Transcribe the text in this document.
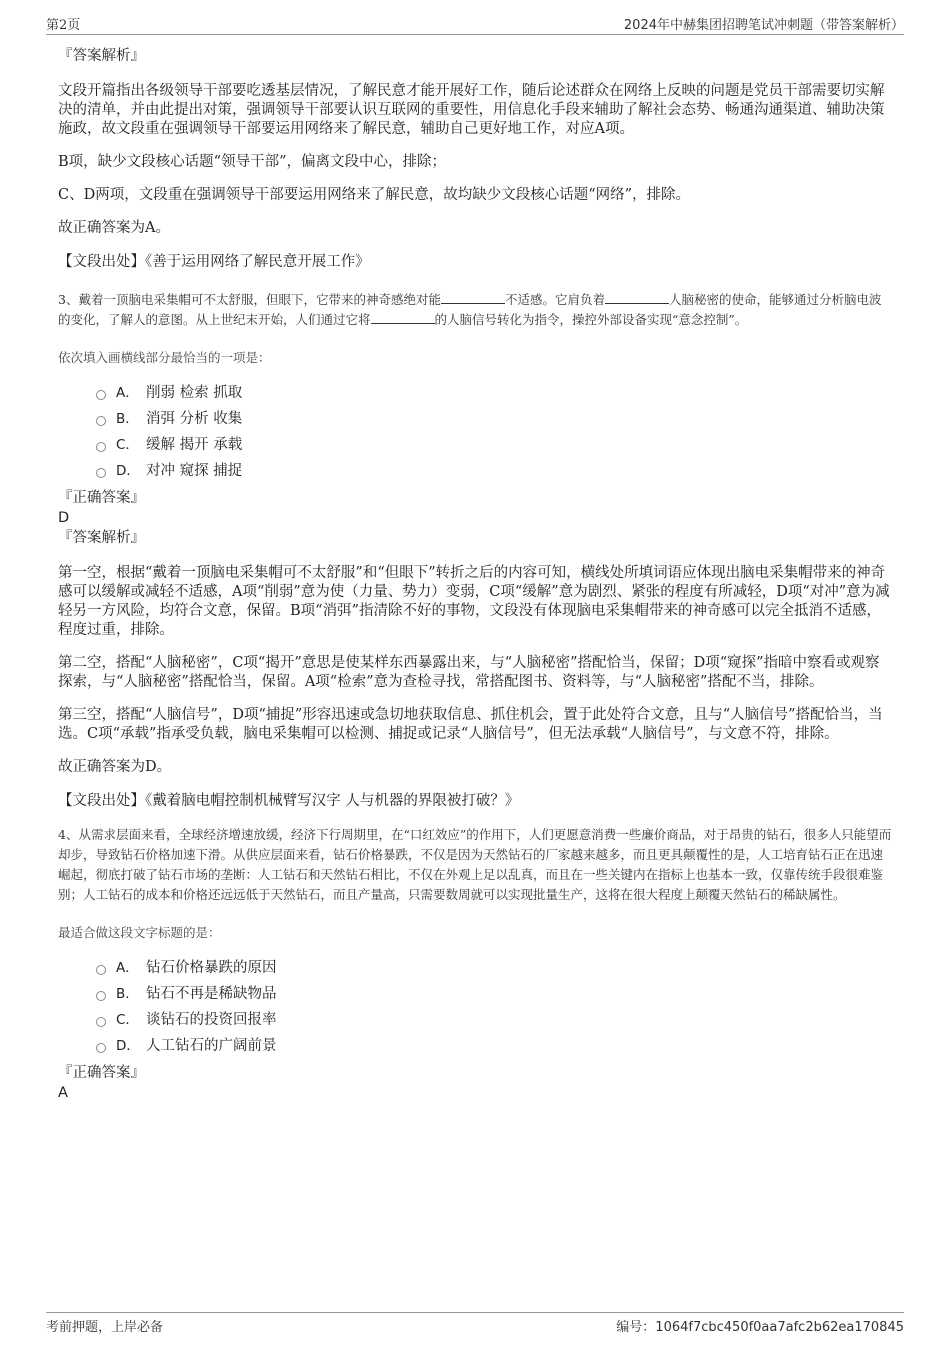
第2页	2024年中赫集团招聘笔试冲刺题（带答案解析）
『答案解析』

文段开篇指出各级领导干部要吃透基层情况，了解民意才能开展好工作，随后论述群众在网络上反映的问题是党员干部需要切实解决的清单，并由此提出对策，强调领导干部要认识互联网的重要性，用信息化手段来辅助了解社会态势、畅通沟通渠道、辅助决策施政，故文段重在强调领导干部要运用网络来了解民意，辅助自己更好地工作，对应A项。

B项，缺少文段核心话题“领导干部”，偏离文段中心，排除；

C、D两项，文段重在强调领导干部要运用网络来了解民意，故均缺少文段核心话题“网络”，排除。

故正确答案为A。

【文段出处】《善于运用网络了解民意开展工作》

3、戴着一顶脑电采集帽可不太舒服，但眼下，它带来的神奇感绝对能	不适感。它肩负着	人脑秘密的使命，能够通过分析脑电波的变化，了解人的意图。从上世纪末开始，人们通过它将	的人脑信号转化为指令，操控外部设备实现“意念控制”。

依次填入画横线部分最恰当的一项是：

A． 削弱 检索 抓取
B． 消弭 分析 收集
C． 缓解 揭开 承载
D． 对冲 窥探 捕捉
『正确答案』
D
『答案解析』

第一空，根据“戴着一顶脑电采集帽可不太舒服”和“但眼下”转折之后的内容可知，横线处所填词语应体现出脑电采集帽带来的神奇感可以缓解或减轻不适感，A项“削弱”意为使（力量、势力）变弱，C项“缓解”意为剧烈、紧张的程度有所减轻，D项“对冲”意为减轻另一方风险，均符合文意，保留。B项“消弭”指清除不好的事物，文段没有体现脑电采集帽带来的神奇感可以完全抵消不适感，程度过重，排除。

第二空，搭配“人脑秘密”，C项“揭开”意思是使某样东西暴露出来，与“人脑秘密”搭配恰当，保留；D项“窥探”指暗中察看或观察探索，与“人脑秘密”搭配恰当，保留。A项“检索”意为查检寻找，常搭配图书、资料等，与“人脑秘密”搭配不当，排除。

第三空，搭配“人脑信号”，D项“捕捉”形容迅速或急切地获取信息、抓住机会，置于此处符合文意，且与“人脑信号”搭配恰当，当选。C项“承载”指承受负载，脑电采集帽可以检测、捕捉或记录“人脑信号”，但无法承载“人脑信号”，与文意不符，排除。

故正确答案为D。

【文段出处】《戴着脑电帽控制机械臂写汉字 人与机器的界限被打破？》

4、从需求层面来看，全球经济增速放缓，经济下行周期里，在“口红效应”的作用下，人们更愿意消费一些廉价商品，对于昂贵的钻石，很多人只能望而却步，导致钻石价格加速下滑。从供应层面来看，钻石价格暴跌，不仅是因为天然钻石的厂家越来越多，而且更具颠覆性的是，人工培育钻石正在迅速崛起，彻底打破了钻石市场的垄断：人工钻石和天然钻石相比，不仅在外观上足以乱真，而且在一些关键内在指标上也基本一致，仅靠传统手段很难鉴别；人工钻石的成本和价格还远远低于天然钻石，而且产量高，只需要数周就可以实现批量生产，这将在很大程度上颠覆天然钻石的稀缺属性。

最适合做这段文字标题的是：

A． 钻石价格暴跌的原因
B． 钻石不再是稀缺物品
C． 谈钻石的投资回报率
D． 人工钻石的广阔前景
『正确答案』
A
考前押题，上岸必备	编号：1064f7cbc450f0aa7afc2b62ea170845
